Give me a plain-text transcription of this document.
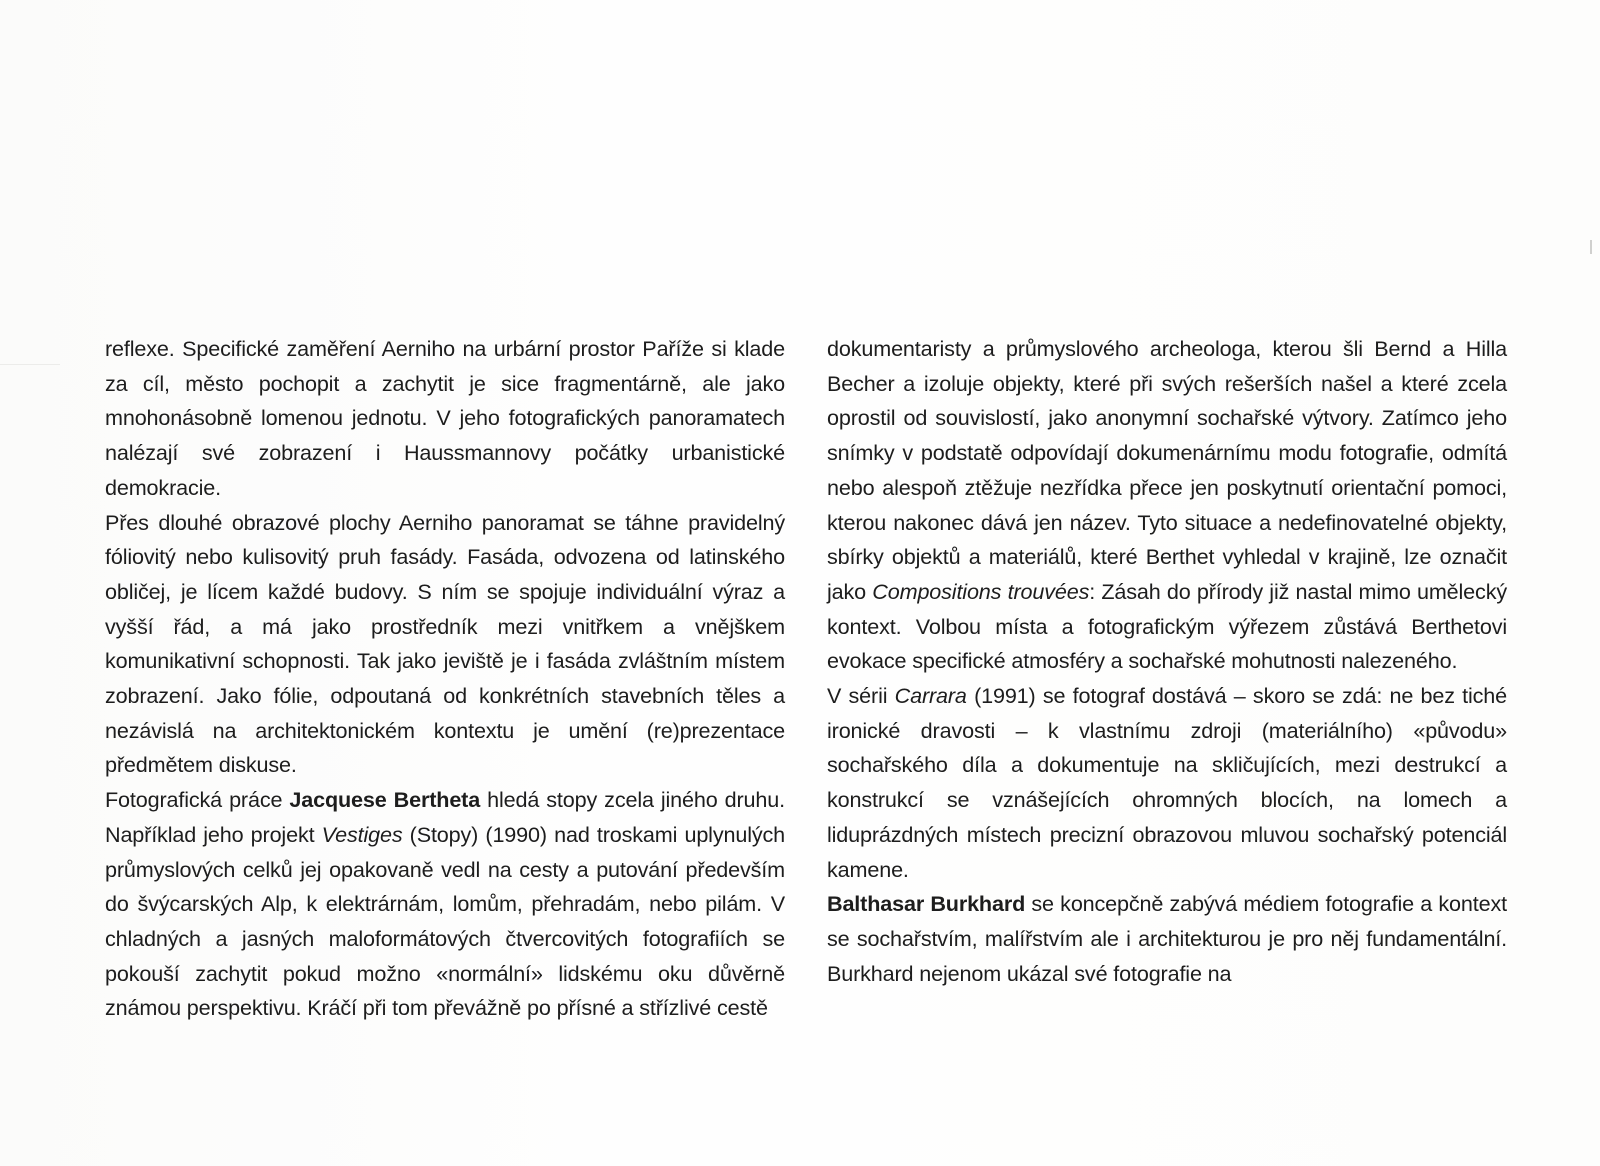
reflexe. Specifické zaměření Aerniho na urbární prostor Paříže si klade za cíl, město pochopit a zachytit je sice fragmentárně, ale jako mnohonásobně lomenou jednotu. V jeho fotografických panoramatech nalézají své zobrazení i Haussmannovy počátky urbanistické demokracie.

Přes dlouhé obrazové plochy Aerniho panoramat se táhne pravidelný fóliovitý nebo kulisovitý pruh fasády. Fasáda, odvozena od latinského obličej, je lícem každé budovy. S ním se spojuje individuální výraz a vyšší řád, a má jako prostředník mezi vnitřkem a vnějškem komunikativní schopnosti. Tak jako jeviště je i fasáda zvláštním místem zobrazení. Jako fólie, odpoutaná od konkrétních stavebních těles a nezávislá na architektonickém kontextu je umění (re)prezentace předmětem diskuse.

Fotografická práce Jacquese Bertheta hledá stopy zcela jiného druhu. Například jeho projekt Vestiges (Stopy) (1990) nad troskami uplynulých průmyslových celků jej opakovaně vedl na cesty a putování především do švýcarských Alp, k elektrárnám, lomům, přehradám, nebo pilám. V chladných a jasných maloformátových čtvercovitých fotografiích se pokouší zachytit pokud možno «normální» lidskému oku důvěrně známou perspektivu. Kráčí při tom převážně po přísné a střízlivé cestě

dokumentaristy a průmyslového archeologa, kterou šli Bernd a Hilla Becher a izoluje objekty, které při svých rešerších našel a které zcela oprostil od souvislostí, jako anonymní sochařské výtvory. Zatímco jeho snímky v podstatě odpovídají dokumenárnímu modu fotografie, odmítá nebo alespoň ztěžuje nezřídka přece jen poskytnutí orientační pomoci, kterou nakonec dává jen název. Tyto situace a nedefinovatelné objekty, sbírky objektů a materiálů, které Berthet vyhledal v krajině, lze označit jako Compositions trouvées: Zásah do přírody již nastal mimo umělecký kontext. Volbou místa a fotografickým výřezem zůstává Berthetovi evokace specifické atmosféry a sochařské mohutnosti nalezeného.

V sérii Carrara (1991) se fotograf dostává – skoro se zdá: ne bez tiché ironické dravosti – k vlastnímu zdroji (materiálního) «původu» sochařského díla a dokumentuje na skličujících, mezi destrukcí a konstrukcí se vznášejících ohromných blocích, na lomech a liduprázdných místech precizní obrazovou mluvou sochařský potenciál kamene.

Balthasar Burkhard se koncepčně zabývá médiem fotografie a kontext se sochařstvím, malířstvím ale i architekturou je pro něj fundamentální. Burkhard nejenom ukázal své fotografie na
